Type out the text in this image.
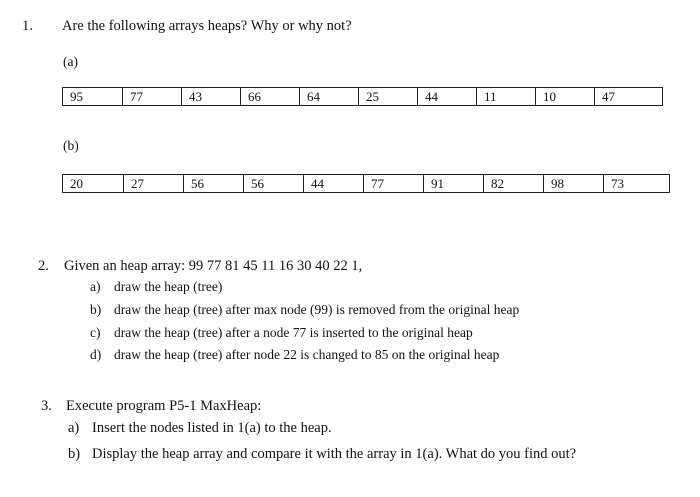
1. Are the following arrays heaps? Why or why not?
(a)
95	77	43	66	64	25	44	11	10	47
(b)
20	27	56	56	44	77	91	82	98	73
2. Given an heap array: 99 77 81 45 11 16 30 40 22 1,
a) draw the heap (tree)
b) draw the heap (tree) after max node (99) is removed from the original heap
c) draw the heap (tree) after a node 77 is inserted to the original heap
d) draw the heap (tree) after node 22 is changed to 85 on the original heap
3. Execute program P5-1 MaxHeap:
a) Insert the nodes listed in 1(a) to the heap.
b) Display the heap array and compare it with the array in 1(a). What do you find out?
